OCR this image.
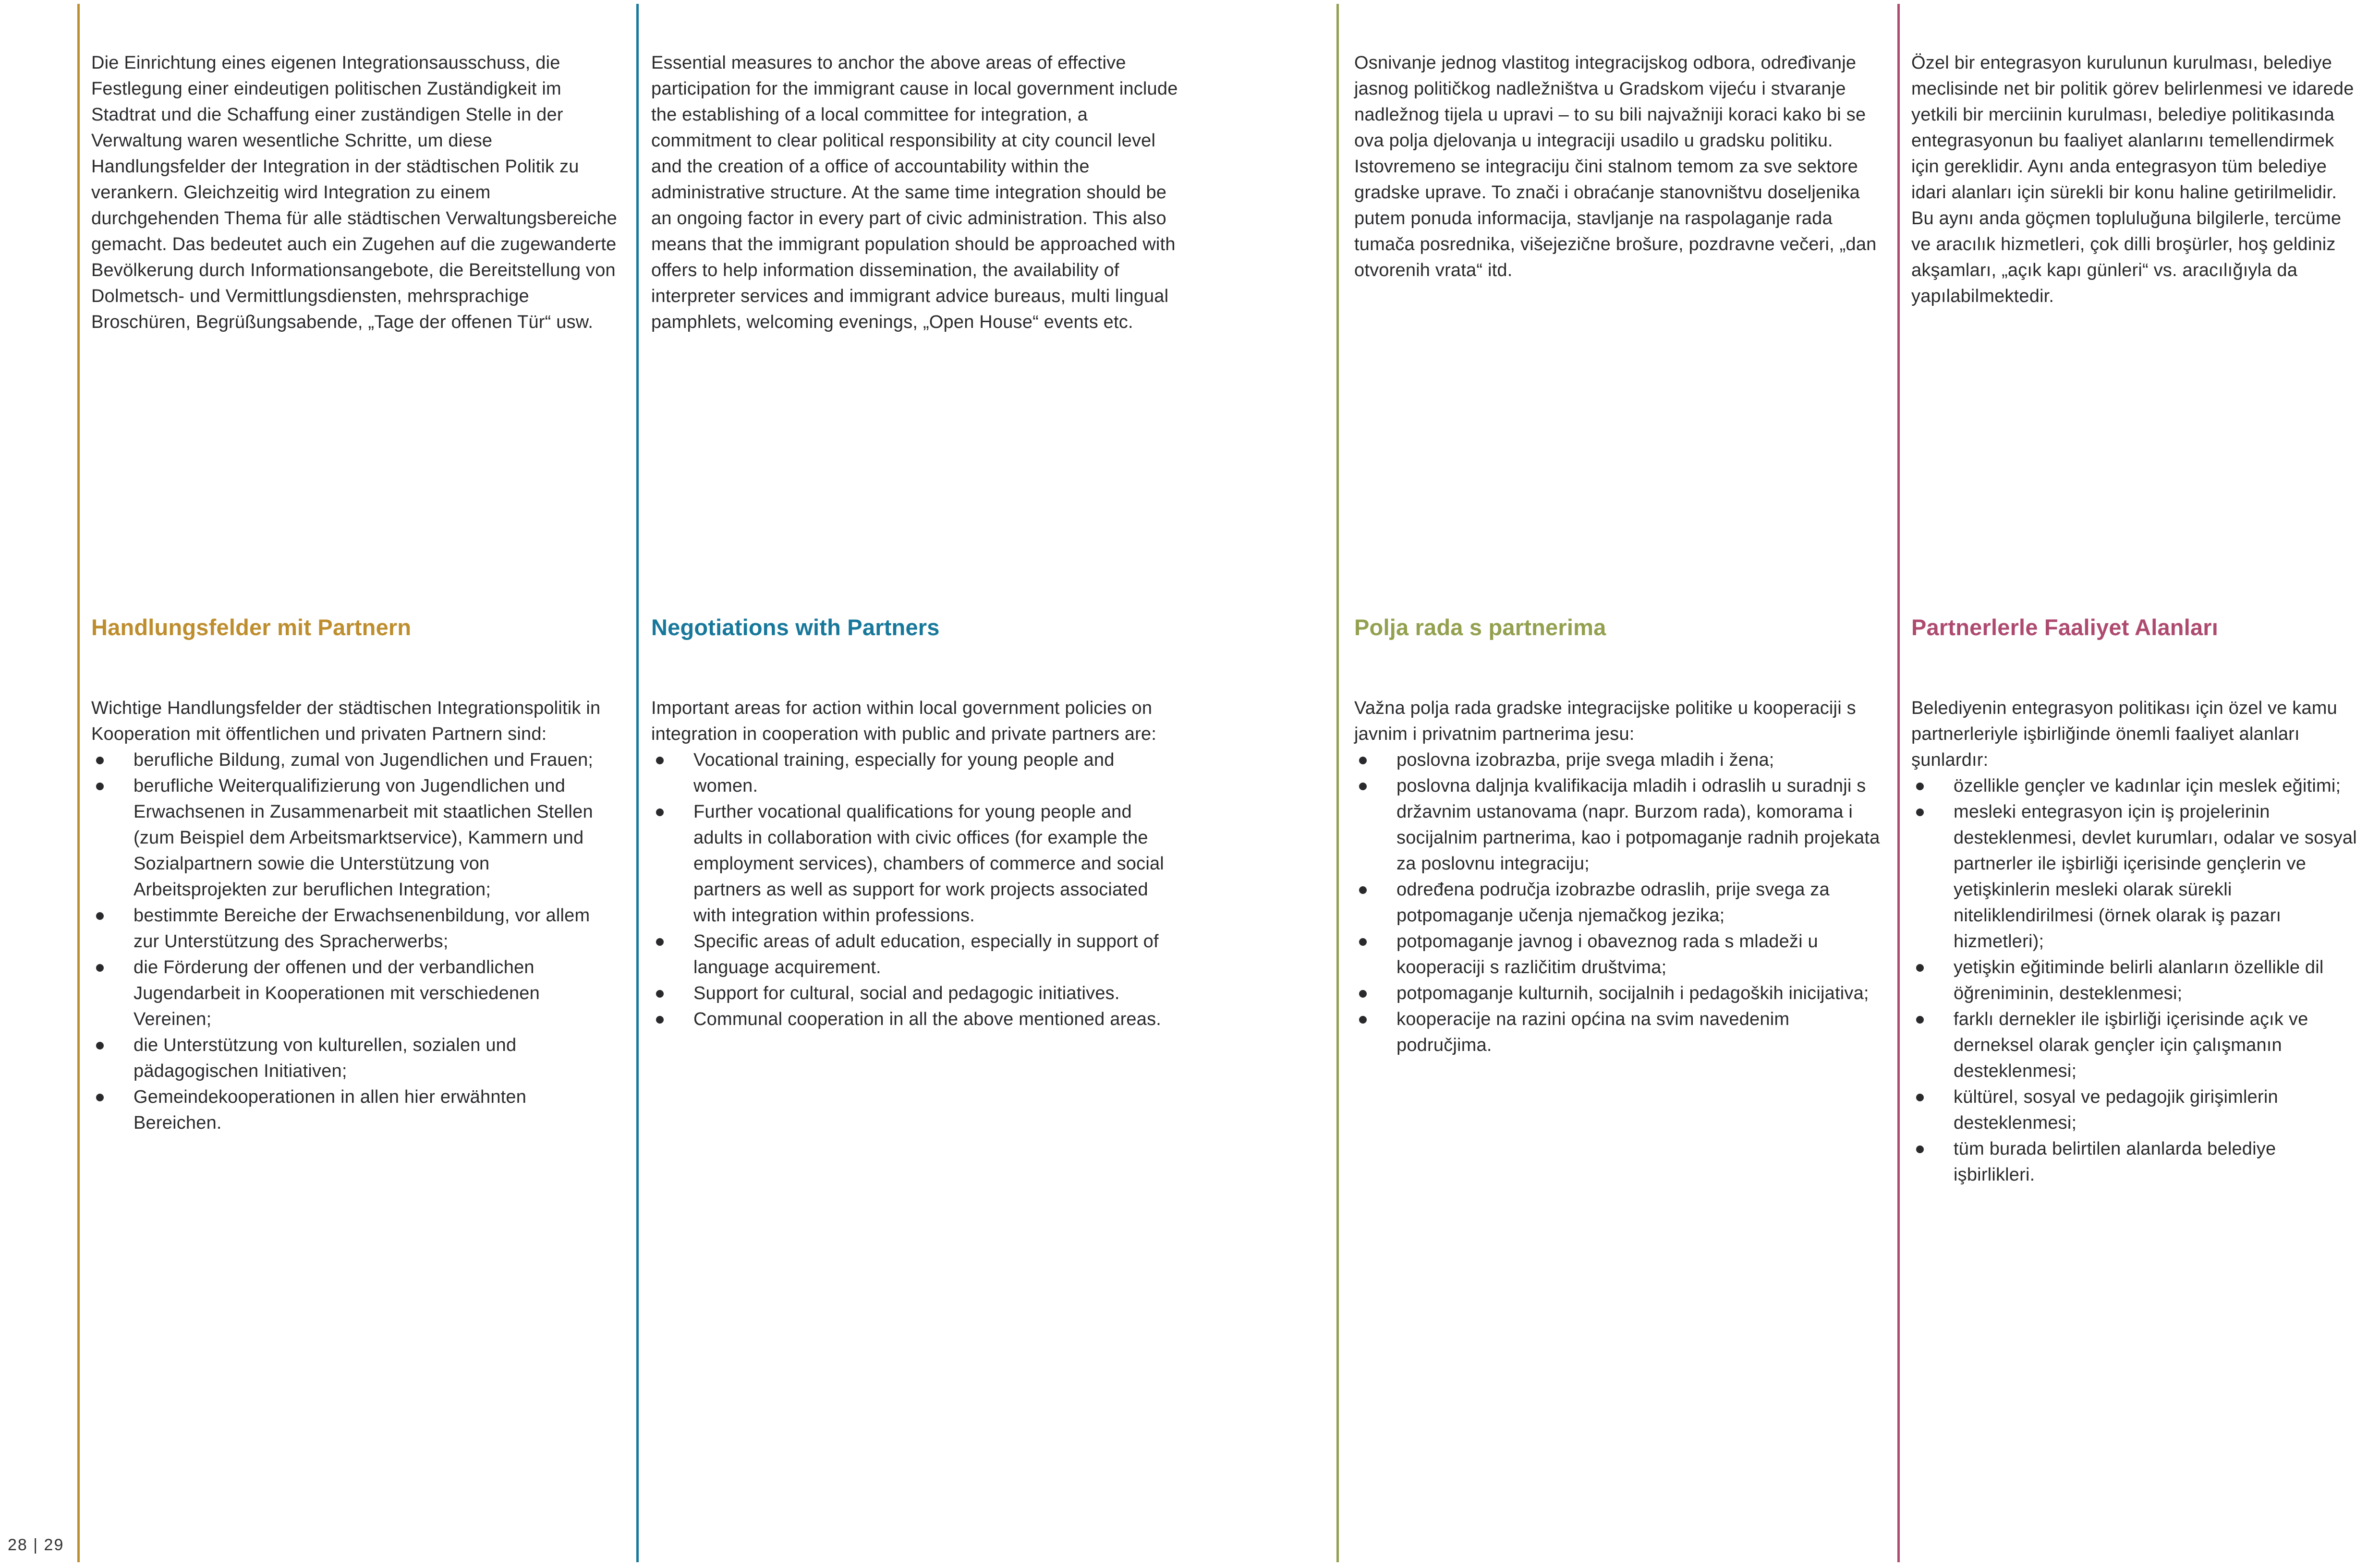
Die Einrichtung eines eigenen Integrationsausschuss, die Festlegung einer eindeutigen politischen Zuständigkeit im Stadtrat und die Schaffung einer zuständigen Stelle in der Verwaltung waren wesentliche Schritte, um diese Handlungsfelder der Integration in der städtischen Politik zu verankern. Gleichzeitig wird Integration zu einem durchgehenden Thema für alle städtischen Verwaltungsbereiche gemacht. Das bedeutet auch ein Zugehen auf die zugewanderte Bevölkerung durch Informationsangebote, die Bereitstellung von Dolmetsch- und Vermittlungsdiensten, mehrsprachige Broschüren, Begrüßungsabende, „Tage der offenen Tür“ usw.

Handlungsfelder mit Partnern

Wichtige Handlungsfelder der städtischen Integrationspolitik in Kooperation mit öffentlichen und privaten Partnern sind:

berufliche Bildung, zumal von Jugendlichen und Frauen;
berufliche Weiterqualifizierung von Jugendlichen und Erwachsenen in Zusammenarbeit mit staatlichen Stellen (zum Beispiel dem Arbeitsmarktservice), Kammern und Sozialpartnern sowie die Unterstützung von Arbeitsprojekten zur beruflichen Integration;
bestimmte Bereiche der Erwachsenenbildung, vor allem zur Unterstützung des Spracherwerbs;
die Förderung der offenen und der verbandlichen Jugendarbeit in Kooperationen mit verschiedenen Vereinen;
die Unterstützung von kulturellen, sozialen und pädagogischen Initiativen;
Gemeindekooperationen in allen hier erwähnten Bereichen.

Essential measures to anchor the above areas of effective participation for the immigrant cause in local government include the establishing of a local committee for integration, a commitment to clear political responsibility at city council level and the creation of a office of accountability within the administrative structure. At the same time integration should be an ongoing factor in every part of civic administration. This also means that the immigrant population should be approached with offers to help information dissemination, the availability of interpreter services and immigrant advice bureaus, multi lingual pamphlets, welcoming evenings, „Open House“ events etc.

Negotiations with Partners

Important areas for action within local government policies on integration in cooperation with public and private partners are:

Vocational training, especially for young people and women.
Further vocational qualifications for young people and adults in collaboration with civic offices (for example the employment services), chambers of commerce and social partners as well as support for work projects associated with integration within professions.
Specific areas of adult education, especially in support of language acquirement.
Support for cultural, social and pedagogic initiatives.
Communal cooperation in all the above mentioned areas.

Osnivanje jednog vlastitog integracijskog odbora, određivanje jasnog političkog nadležništva u Gradskom vijeću i stvaranje nadležnog tijela u upravi – to su bili najvažniji koraci kako bi se ova polja djelovanja u integraciji usadilo u gradsku politiku. Istovremeno se integraciju čini stalnom temom za sve sektore gradske uprave. To znači i obraćanje stanovništvu doseljenika putem ponuda informacija, stavljanje na raspolaganje rada tumača posrednika, višejezične brošure, pozdravne večeri, „dan otvorenih vrata“ itd.

Polja rada s partnerima

Važna polja rada gradske integracijske politike u kooperaciji s javnim i privatnim partnerima jesu:

poslovna izobrazba, prije svega mladih i žena;
poslovna daljnja kvalifikacija mladih i odraslih u suradnji s državnim ustanovama (napr. Burzom rada), komorama i socijalnim partnerima, kao i potpomaganje radnih projekata za poslovnu integraciju;
određena područja izobrazbe odraslih, prije svega za potpomaganje učenja njemačkog jezika;
potpomaganje javnog i obaveznog rada s mladeži u kooperaciji s različitim društvima;
potpomaganje kulturnih, socijalnih i pedagoških inicijativa;
kooperacije na razini općina na svim navedenim područjima.

Özel bir entegrasyon kurulunun kurulması, belediye meclisinde net bir politik görev belirlenmesi ve idarede yetkili bir merciinin kurulması, belediye politikasında entegrasyonun bu faaliyet alanlarını temellendirmek için gereklidir. Aynı anda entegrasyon tüm belediye idari alanları için sürekli bir konu haline getirilmelidir. Bu aynı anda göçmen topluluğuna bilgilerle, tercüme ve aracılık hizmetleri, çok dilli broşürler, hoş geldiniz akşamları, „açık kapı günleri“ vs. aracılığıyla da yapılabilmektedir.

Partnerlerle Faaliyet Alanları

Belediyenin entegrasyon politikası için özel ve kamu partnerleriyle işbirliğinde önemli faaliyet alanları şunlardır:

özellikle gençler ve kadınlar için meslek eğitimi;
mesleki entegrasyon için iş projelerinin desteklenmesi, devlet kurumları, odalar ve sosyal partnerler ile işbirliği içerisinde gençlerin ve yetişkinlerin mesleki olarak sürekli niteliklendirilmesi (örnek olarak iş pazarı hizmetleri);
yetişkin eğitiminde belirli alanların özellikle dil öğreniminin, desteklenmesi;
farklı dernekler ile işbirliği içerisinde açık ve derneksel olarak gençler için çalışmanın desteklenmesi;
kültürel, sosyal ve pedagojik girişimlerin desteklenmesi;
tüm burada belirtilen alanlarda belediye işbirlikleri.
28 | 29
